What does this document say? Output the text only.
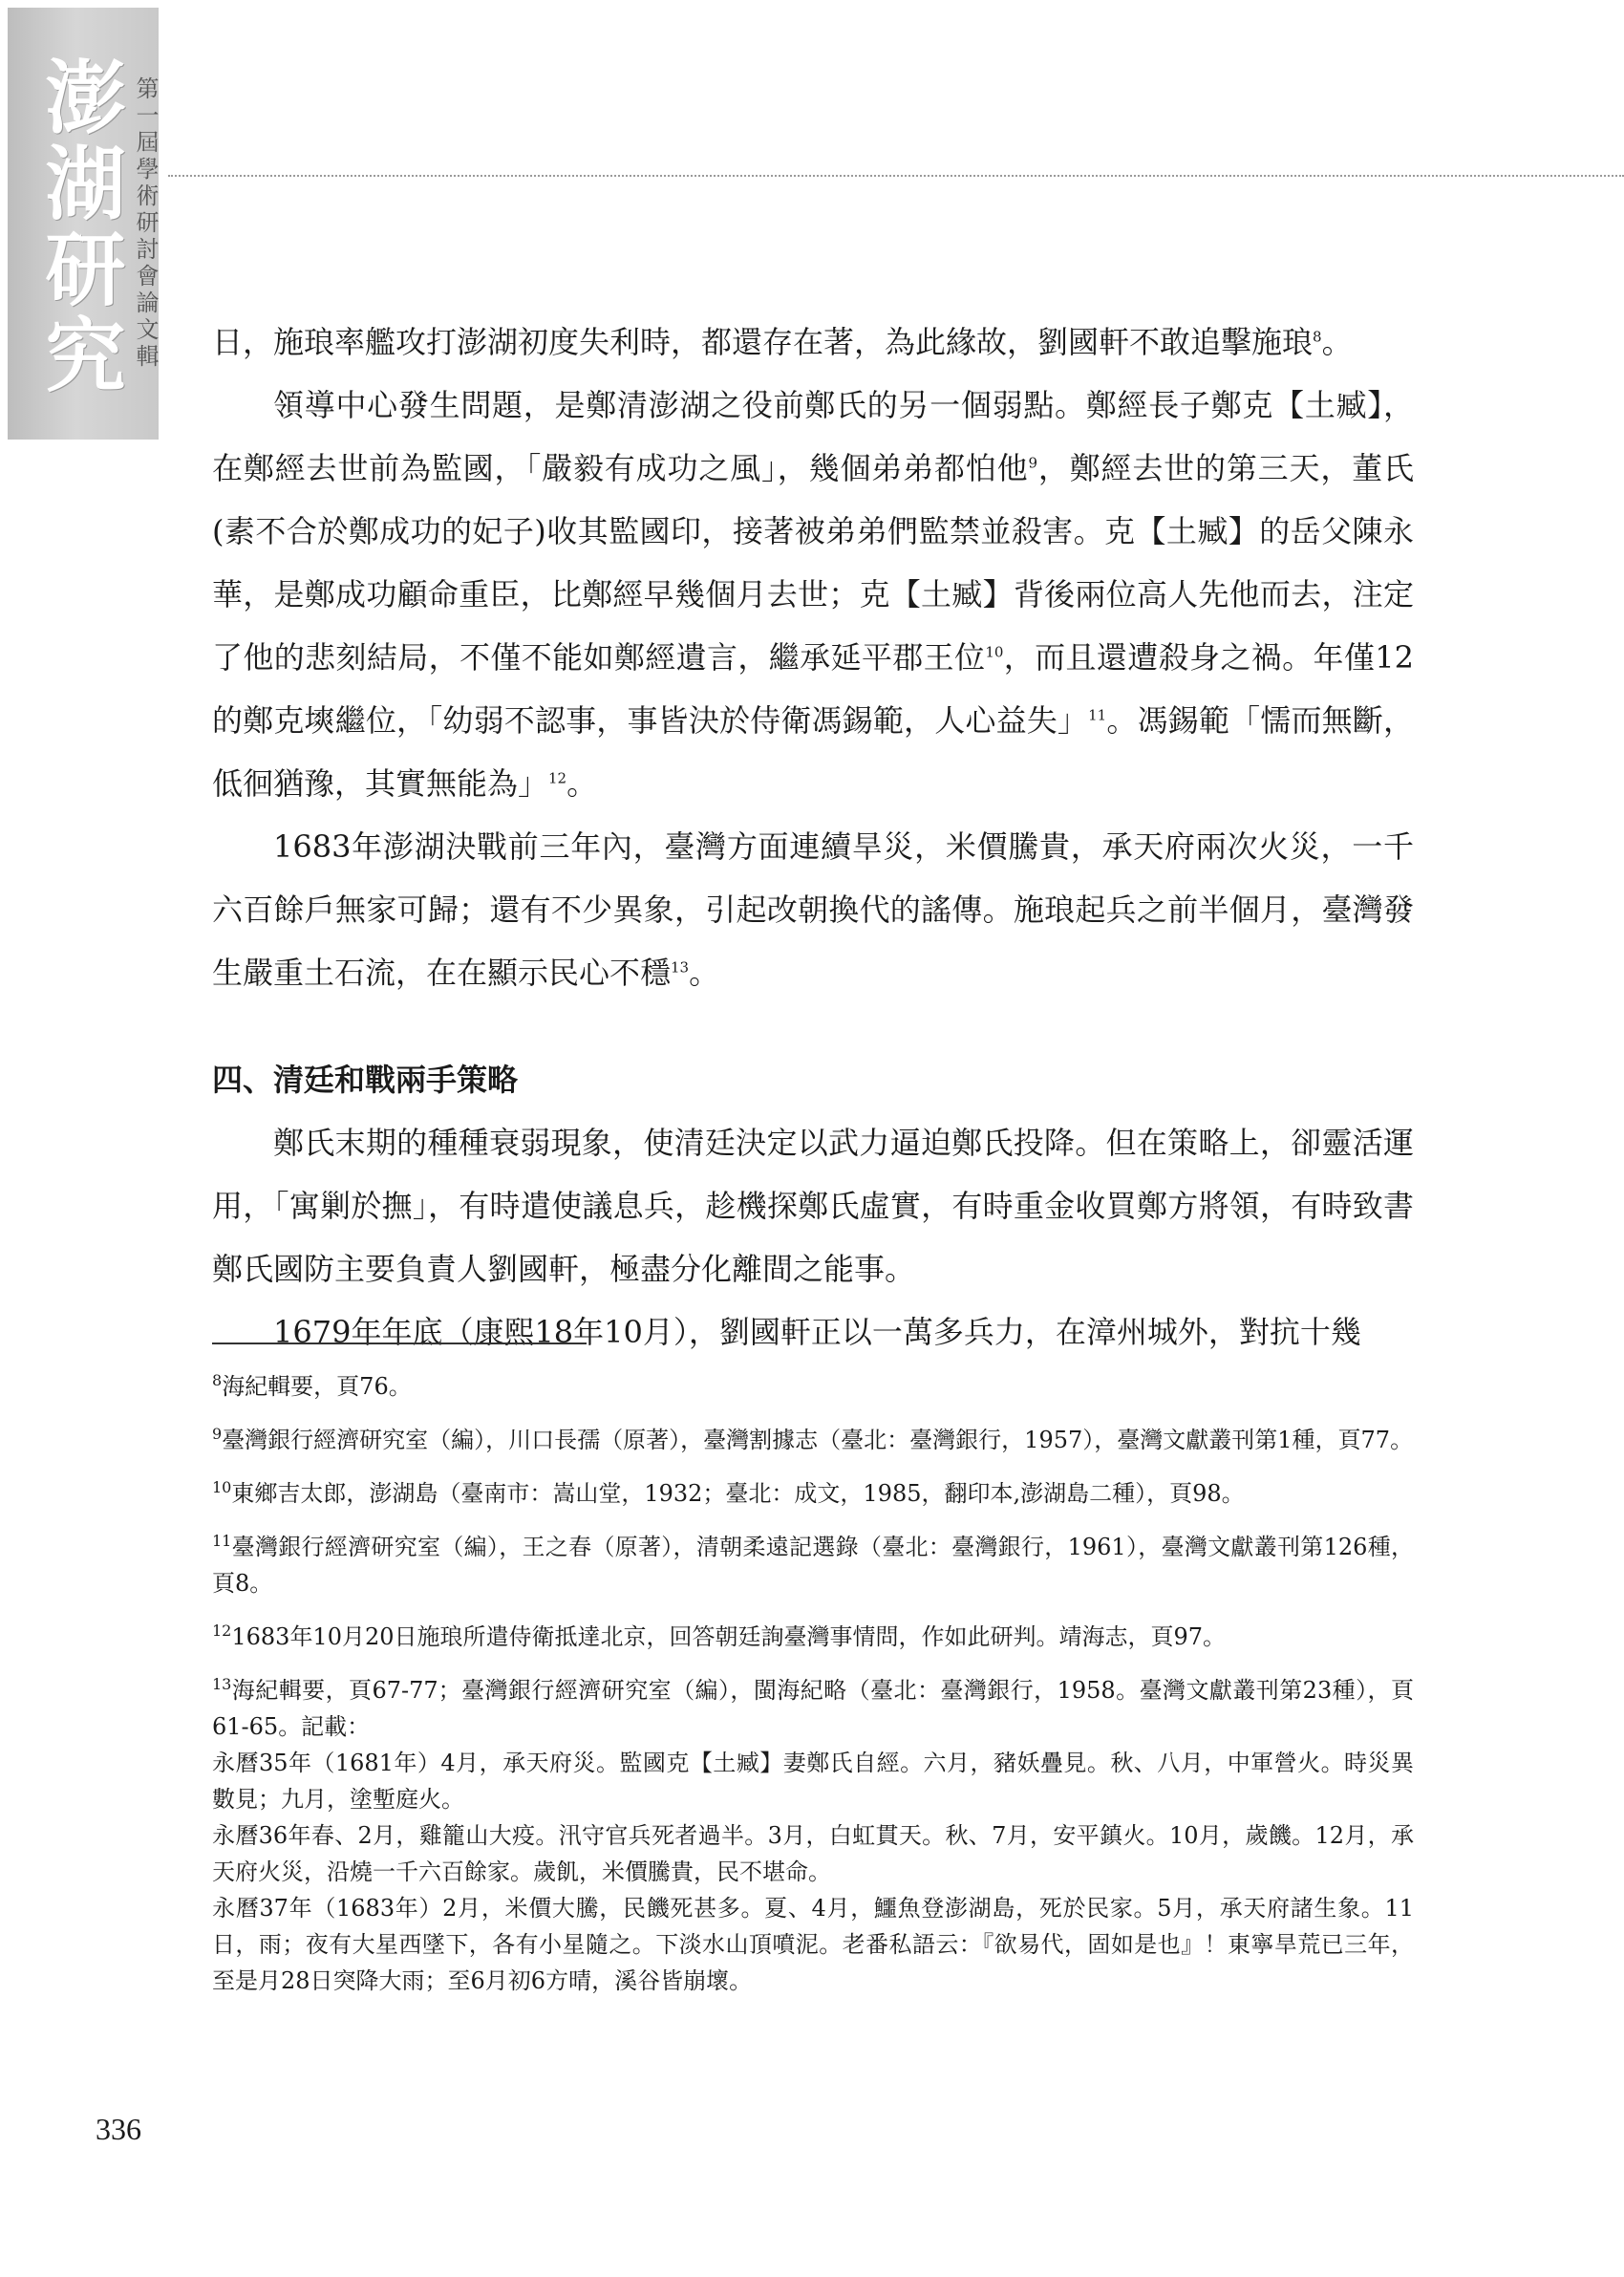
澎湖研究 第一屆學術研討會論文輯 日，施琅率艦攻打澎湖初度失利時，都還存在著，為此緣故，劉國軒不敢追擊施琅$^8$。

領導中心發生問題，是鄭清澎湖之役前鄭氏的另一個弱點。鄭經長子鄭克【土臧】，在鄭經去世前為監國，「嚴毅有成功之風」，幾個弟弟都怕他$^9$，鄭經去世的第三天，董氏(素不合於鄭成功的妃子)收其監國印，接著被弟弟們監禁並殺害。克【土臧】的岳父陳永華，是鄭成功顧命重臣，比鄭經早幾個月去世；克【土臧】背後兩位高人先他而去，注定了他的悲刻結局，不僅不能如鄭經遺言，繼承延平郡王位$^{10}$，而且還遭殺身之禍。年僅12的鄭克塽繼位，「幼弱不認事，事皆決於侍衛馮錫範，人心益失」$^{11}$。馮錫範「懦而無斷，低徊猶豫，其實無能為」$^{12}$。

1683年澎湖決戰前三年內，臺灣方面連續旱災，米價騰貴，承天府兩次火災，一千六百餘戶無家可歸；還有不少異象，引起改朝換代的謠傳。施琅起兵之前半個月，臺灣發生嚴重土石流，在在顯示民心不穩$^{13}$。

四、清廷和戰兩手策略

鄭氏末期的種種衰弱現象，使清廷決定以武力逼迫鄭氏投降。但在策略上，卻靈活運用，「寓剿於撫」，有時遣使議息兵，趁機探鄭氏虛實，有時重金收買鄭方將領，有時致書鄭氏國防主要負責人劉國軒，極盡分化離間之能事。

1679年年底（康熙18年10月），劉國軒正以一萬多兵力，在漳州城外，對抗十幾

$^8$海紀輯要，頁76。
$^9$臺灣銀行經濟研究室（編），川口長孺（原著），臺灣割據志（臺北：臺灣銀行，1957），臺灣文獻叢刊第1種，頁77。
$^{10}$東鄉吉太郎，澎湖島（臺南市：嵩山堂，1932；臺北：成文，1985，翻印本,澎湖島二種），頁98。
$^{11}$臺灣銀行經濟研究室（編），王之春（原著），清朝柔遠記選錄（臺北：臺灣銀行，1961），臺灣文獻叢刊第126種，頁8。
$^{12}$1683年10月20日施琅所遣侍衛抵達北京，回答朝廷詢臺灣事情問，作如此研判。靖海志，頁97。
$^{13}$海紀輯要，頁67-77；臺灣銀行經濟研究室（編），閩海紀略（臺北：臺灣銀行，1958。臺灣文獻叢刊第23種），頁61-65。記載：
永曆35年（1681年）4月，承天府災。監國克【土臧】妻鄭氏自經。六月，豬妖疊見。秋、八月，中軍營火。時災異數見；九月，塗塹庭火。
永曆36年春、2月，雞籠山大疫。汛守官兵死者過半。3月，白虹貫天。秋、7月，安平鎮火。10月，歲饑。12月，承天府火災，沿燒一千六百餘家。歲飢，米價騰貴，民不堪命。
永曆37年（1683年）2月，米價大騰，民饑死甚多。夏、4月，鱷魚登澎湖島，死於民家。5月，承天府諸生象。11日，雨；夜有大星西墜下，各有小星隨之。下淡水山頂噴泥。老番私語云：『欲易代，固如是也』！東寧旱荒已三年，至是月28日突降大雨；至6月初6方晴，溪谷皆崩壞。
336
